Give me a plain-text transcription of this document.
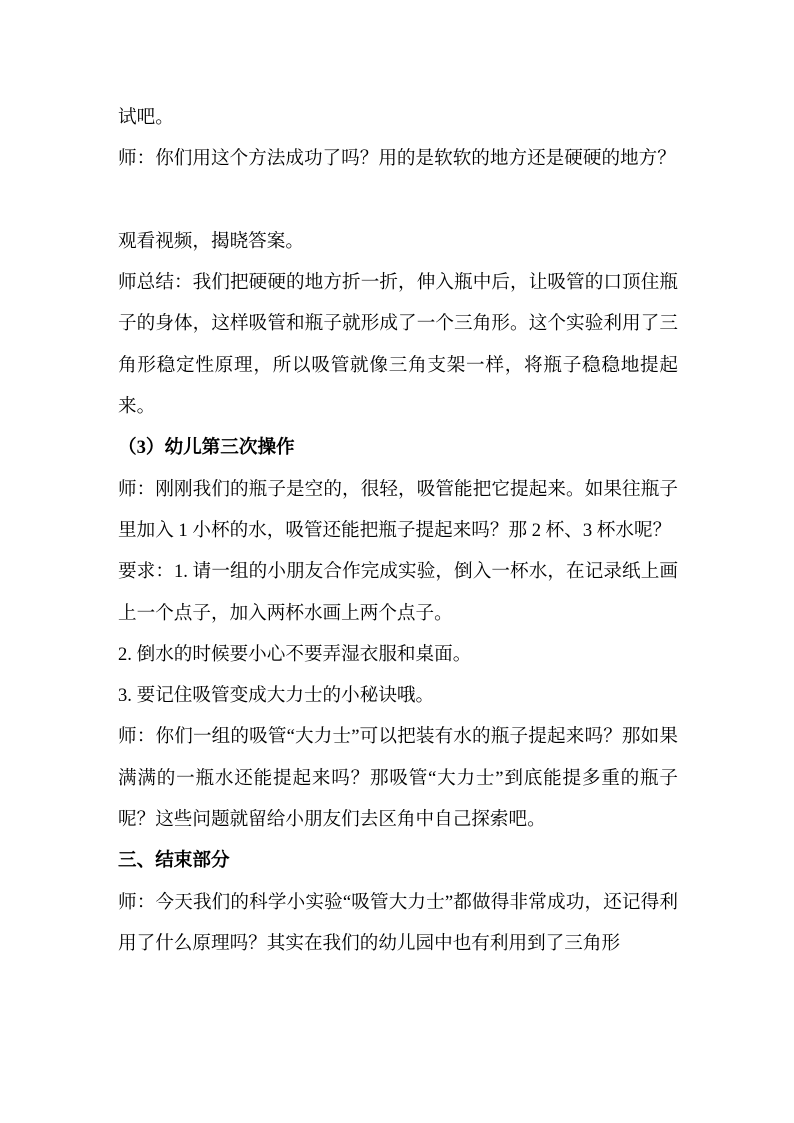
试吧。

师：你们用这个方法成功了吗？用的是软软的地方还是硬硬的地方？

观看视频，揭晓答案。

师总结：我们把硬硬的地方折一折，伸入瓶中后，让吸管的口顶住瓶子的身体，这样吸管和瓶子就形成了一个三角形。这个实验利用了三角形稳定性原理，所以吸管就像三角支架一样，将瓶子稳稳地提起来。

（3）幼儿第三次操作

师：刚刚我们的瓶子是空的，很轻，吸管能把它提起来。如果往瓶子里加入 1 小杯的水，吸管还能把瓶子提起来吗？那 2 杯、3 杯水呢？

要求：1. 请一组的小朋友合作完成实验，倒入一杯水，在记录纸上画上一个点子，加入两杯水画上两个点子。

2. 倒水的时候要小心不要弄湿衣服和桌面。

3. 要记住吸管变成大力士的小秘诀哦。

师：你们一组的吸管“大力士”可以把装有水的瓶子提起来吗？那如果满满的一瓶水还能提起来吗？那吸管“大力士”到底能提多重的瓶子呢？这些问题就留给小朋友们去区角中自己探索吧。

三、结束部分

师：今天我们的科学小实验“吸管大力士”都做得非常成功，还记得利用了什么原理吗？其实在我们的幼儿园中也有利用到了三角形
